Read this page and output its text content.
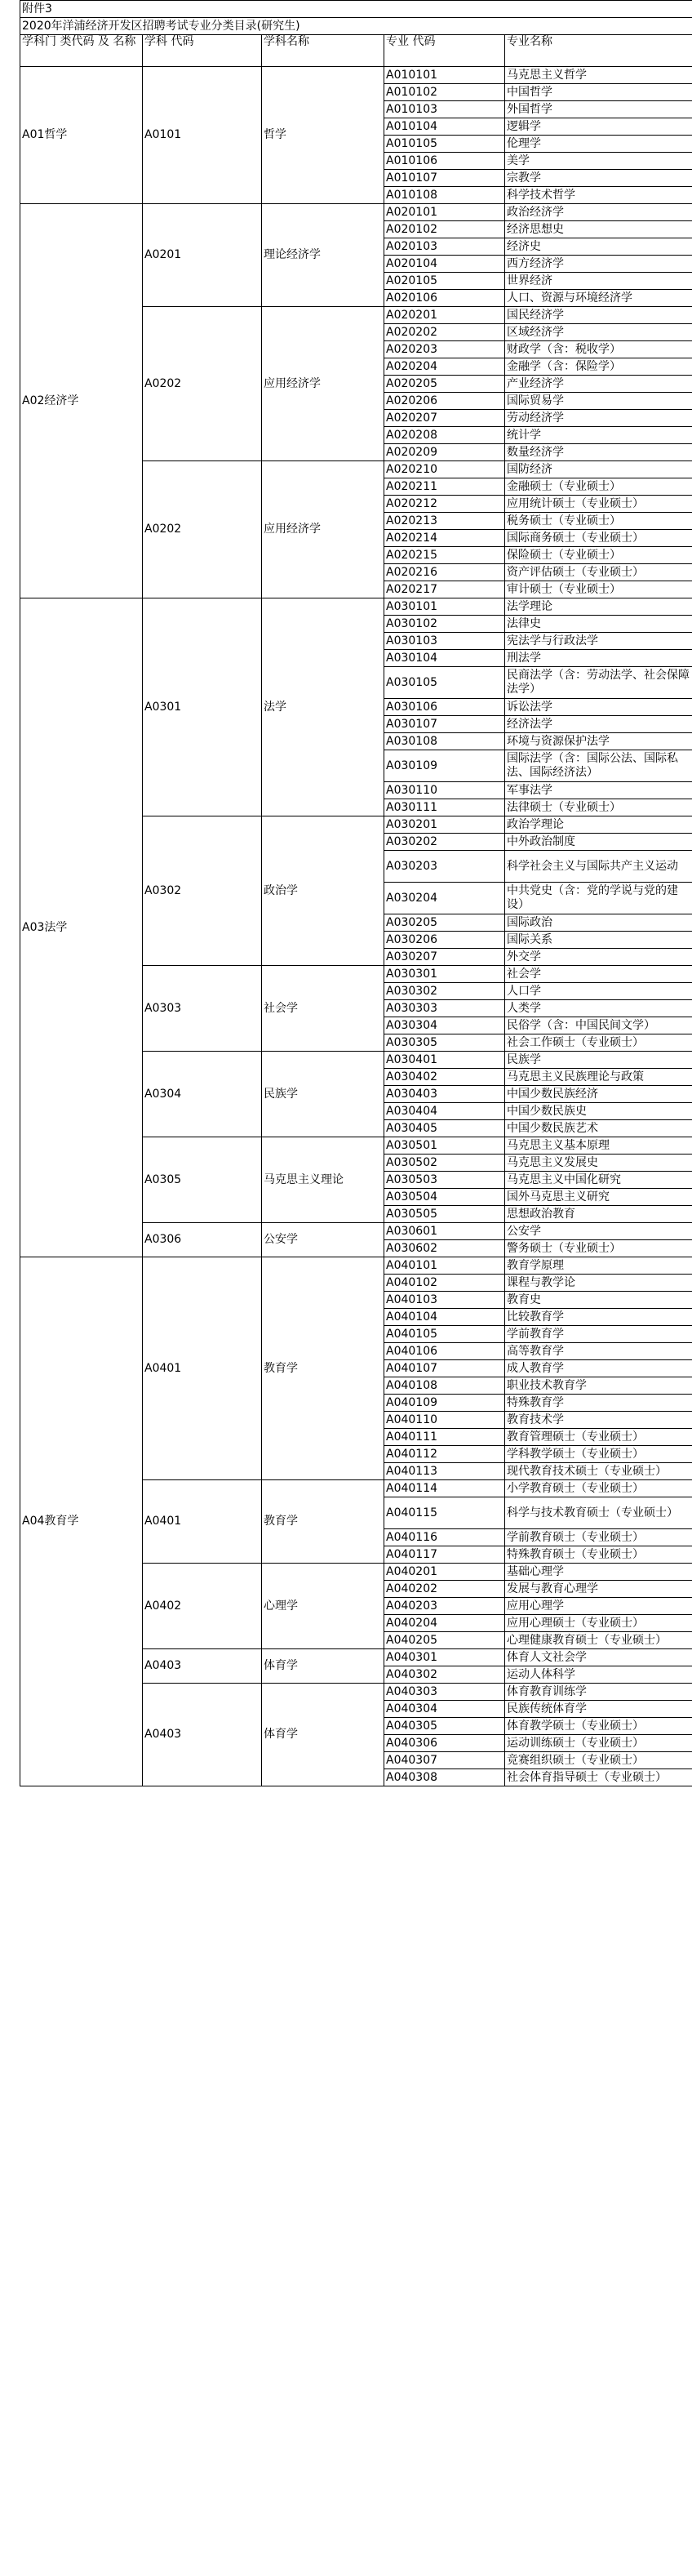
附件3				
2020年洋浦经济开发区招聘考试专业分类目录(研究生)				
学科门 类代码 及 名称	学科 代码	学科名称	专业 代码	专业名称
A01哲学	A0101	哲学	A010101	马克思主义哲学
			A010102	中国哲学
			A010103	外国哲学
			A010104	逻辑学
			A010105	伦理学
			A010106	美学
			A010107	宗教学
			A010108	科学技术哲学
A02经济学	A0201	理论经济学	A020101	政治经济学
			A020102	经济思想史
			A020103	经济史
			A020104	西方经济学
			A020105	世界经济
			A020106	人口、资源与环境经济学
	A0202	应用经济学	A020201	国民经济学
			A020202	区域经济学
			A020203	财政学（含：税收学）
			A020204	金融学（含：保险学）
			A020205	产业经济学
			A020206	国际贸易学
			A020207	劳动经济学
			A020208	统计学
			A020209	数量经济学
	A0202	应用经济学	A020210	国防经济
			A020211	金融硕士（专业硕士）
			A020212	应用统计硕士（专业硕士）
			A020213	税务硕士（专业硕士）
			A020214	国际商务硕士（专业硕士）
			A020215	保险硕士（专业硕士）
			A020216	资产评估硕士（专业硕士）
			A020217	审计硕士（专业硕士）
A03法学	A0301	法学	A030101	法学理论
			A030102	法律史
			A030103	宪法学与行政法学
			A030104	刑法学
			A030105	民商法学（含：劳动法学、社会保障法学）
			A030106	诉讼法学
			A030107	经济法学
			A030108	环境与资源保护法学
			A030109	国际法学（含：国际公法、国际私法、国际经济法）
			A030110	军事法学
			A030111	法律硕士（专业硕士）
	A0302	政治学	A030201	政治学理论
			A030202	中外政治制度
			A030203	科学社会主义与国际共产主义运动
			A030204	中共党史（含：党的学说与党的建设）
			A030205	国际政治
			A030206	国际关系
			A030207	外交学
	A0303	社会学	A030301	社会学
			A030302	人口学
			A030303	人类学
			A030304	民俗学（含：中国民间文学）
			A030305	社会工作硕士（专业硕士）
	A0304	民族学	A030401	民族学
			A030402	马克思主义民族理论与政策
			A030403	中国少数民族经济
			A030404	中国少数民族史
			A030405	中国少数民族艺术
	A0305	马克思主义理论	A030501	马克思主义基本原理
			A030502	马克思主义发展史
			A030503	马克思主义中国化研究
			A030504	国外马克思主义研究
			A030505	思想政治教育
	A0306	公安学	A030601	公安学
			A030602	警务硕士（专业硕士）
A04教育学	A0401	教育学	A040101	教育学原理
			A040102	课程与教学论
			A040103	教育史
			A040104	比较教育学
			A040105	学前教育学
			A040106	高等教育学
			A040107	成人教育学
			A040108	职业技术教育学
			A040109	特殊教育学
			A040110	教育技术学
			A040111	教育管理硕士（专业硕士）
			A040112	学科教学硕士（专业硕士）
			A040113	现代教育技术硕士（专业硕士）
	A0401	教育学	A040114	小学教育硕士（专业硕士）
			A040115	科学与技术教育硕士（专业硕士）
			A040116	学前教育硕士（专业硕士）
			A040117	特殊教育硕士（专业硕士）
	A0402	心理学	A040201	基础心理学
			A040202	发展与教育心理学
			A040203	应用心理学
			A040204	应用心理硕士（专业硕士）
			A040205	心理健康教育硕士（专业硕士）
	A0403	体育学	A040301	体育人文社会学
			A040302	运动人体科学
	A0403	体育学	A040303	体育教育训练学
			A040304	民族传统体育学
			A040305	体育教学硕士（专业硕士）
			A040306	运动训练硕士（专业硕士）
			A040307	竞赛组织硕士（专业硕士）
			A040308	社会体育指导硕士（专业硕士）
